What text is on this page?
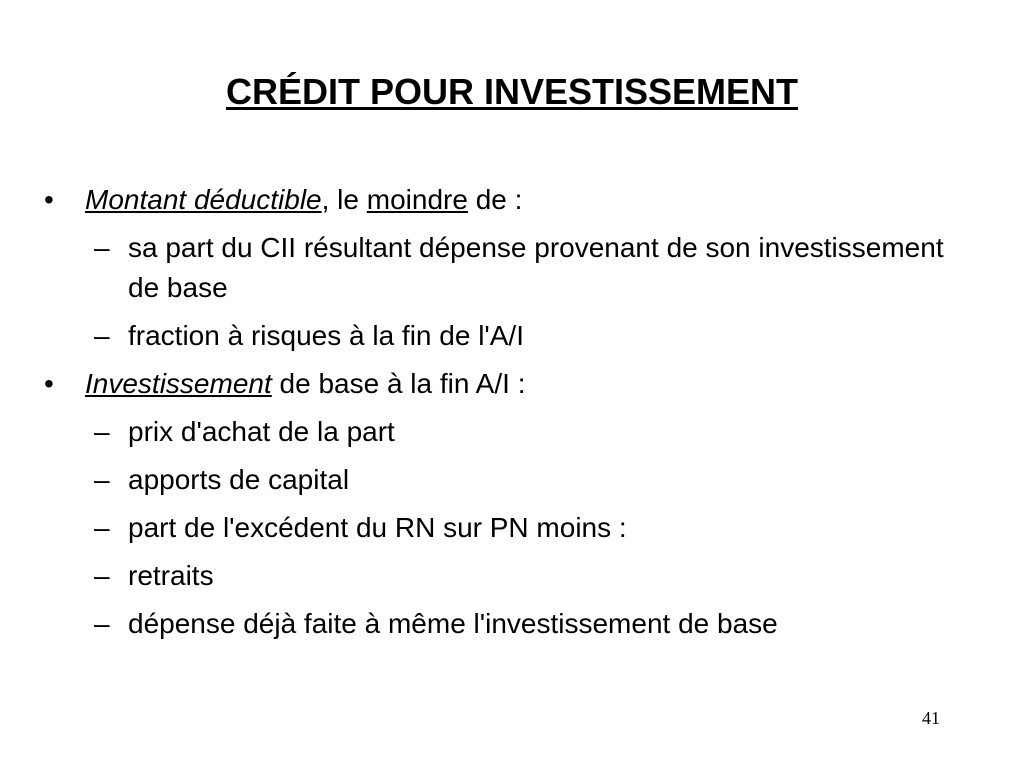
CRÉDIT POUR INVESTISSEMENT
• Montant déductible, le moindre de :
– sa part du CII résultant dépense provenant de son investissement de base
– fraction à risques à la fin de l'A/I
• Investissement de base à la fin A/I :
– prix d'achat de la part
– apports de capital
– part de l'excédent du RN sur PN moins :
– retraits
– dépense déjà faite à même l'investissement de base
41
